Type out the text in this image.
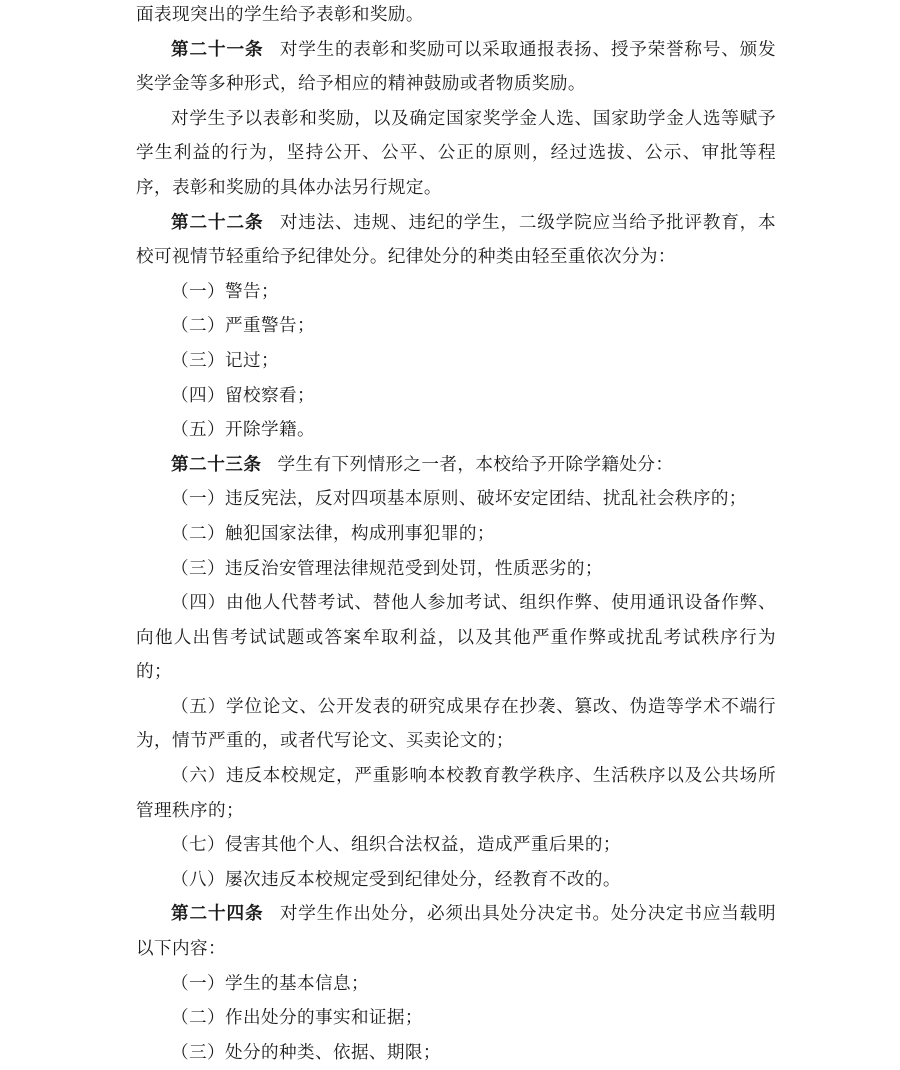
面表现突出的学生给予表彰和奖励。

第二十一条 对学生的表彰和奖励可以采取通报表扬、授予荣誉称号、颁发奖学金等多种形式，给予相应的精神鼓励或者物质奖励。

对学生予以表彰和奖励，以及确定国家奖学金人选、国家助学金人选等赋予学生利益的行为，坚持公开、公平、公正的原则，经过选拔、公示、审批等程序，表彰和奖励的具体办法另行规定。

第二十二条 对违法、违规、违纪的学生，二级学院应当给予批评教育，本校可视情节轻重给予纪律处分。纪律处分的种类由轻至重依次分为：

（一）警告；

（二）严重警告；

（三）记过；

（四）留校察看；

（五）开除学籍。

第二十三条 学生有下列情形之一者，本校给予开除学籍处分：

（一）违反宪法，反对四项基本原则、破坏安定团结、扰乱社会秩序的；

（二）触犯国家法律，构成刑事犯罪的；

（三）违反治安管理法律规范受到处罚，性质恶劣的；

（四）由他人代替考试、替他人参加考试、组织作弊、使用通讯设备作弊、向他人出售考试试题或答案牟取利益，以及其他严重作弊或扰乱考试秩序行为的；

（五）学位论文、公开发表的研究成果存在抄袭、篡改、伪造等学术不端行为，情节严重的，或者代写论文、买卖论文的；

（六）违反本校规定，严重影响本校教育教学秩序、生活秩序以及公共场所管理秩序的；

（七）侵害其他个人、组织合法权益，造成严重后果的；

（八）屡次违反本校规定受到纪律处分，经教育不改的。

第二十四条 对学生作出处分，必须出具处分决定书。处分决定书应当载明以下内容：

（一）学生的基本信息；

（二）作出处分的事实和证据；

（三）处分的种类、依据、期限；
